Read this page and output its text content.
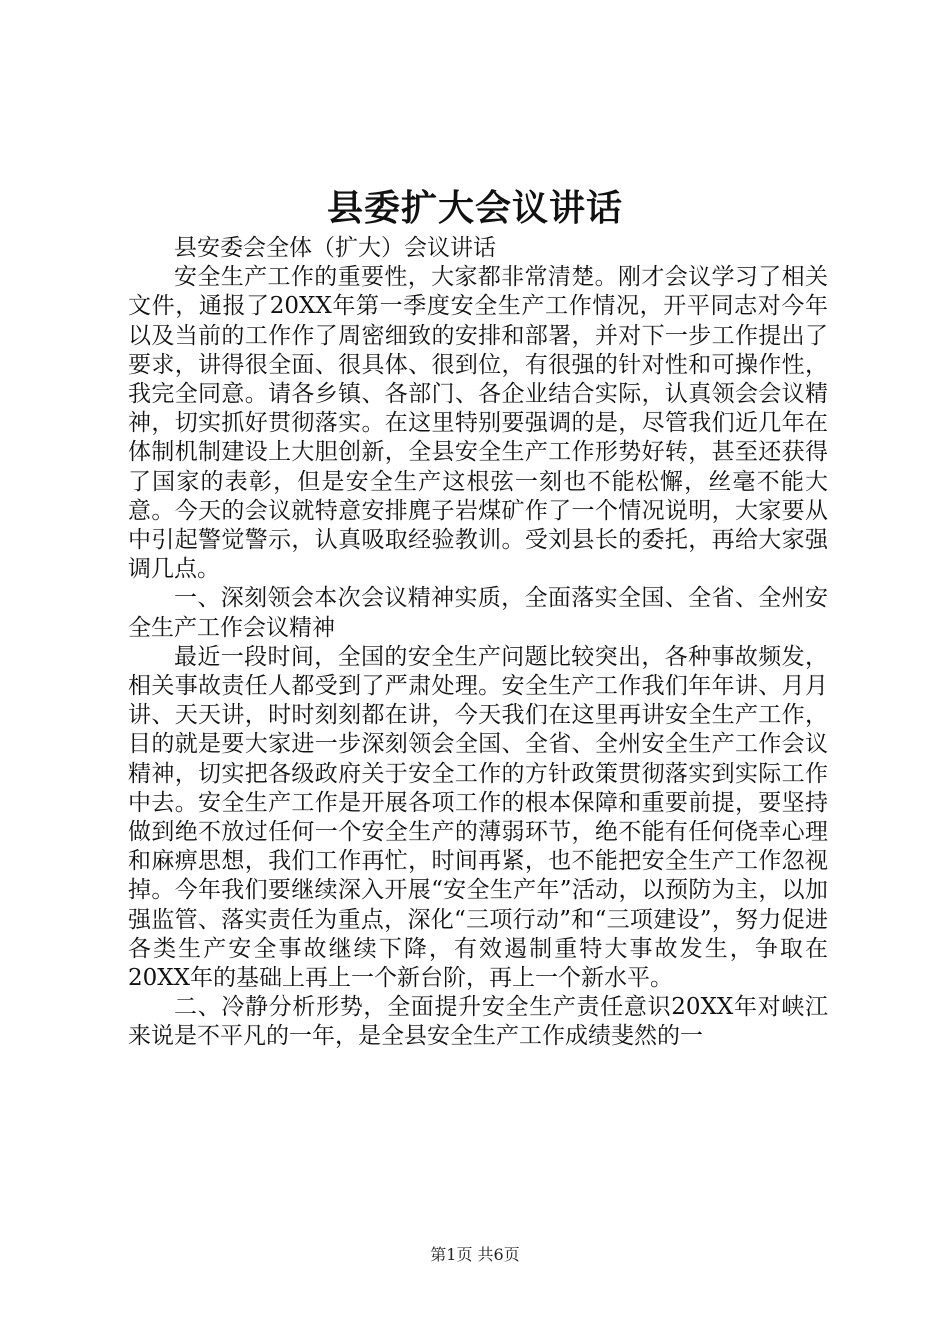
县委扩大会议讲话

县安委会全体（扩大）会议讲话

安全生产工作的重要性，大家都非常清楚。刚才会议学习了相关文件，通报了20XX年第一季度安全生产工作情况，开平同志对今年以及当前的工作作了周密细致的安排和部署，并对下一步工作提出了要求，讲得很全面、很具体、很到位，有很强的针对性和可操作性，我完全同意。请各乡镇、各部门、各企业结合实际，认真领会会议精神，切实抓好贯彻落实。在这里特别要强调的是，尽管我们近几年在体制机制建设上大胆创新，全县安全生产工作形势好转，甚至还获得了国家的表彰，但是安全生产这根弦一刻也不能松懈，丝毫不能大意。今天的会议就特意安排麂子岩煤矿作了一个情况说明，大家要从中引起警觉警示，认真吸取经验教训。受刘县长的委托，再给大家强调几点。

一、深刻领会本次会议精神实质，全面落实全国、全省、全州安全生产工作会议精神

最近一段时间，全国的安全生产问题比较突出，各种事故频发，相关事故责任人都受到了严肃处理。安全生产工作我们年年讲、月月讲、天天讲，时时刻刻都在讲，今天我们在这里再讲安全生产工作，目的就是要大家进一步深刻领会全国、全省、全州安全生产工作会议精神，切实把各级政府关于安全工作的方针政策贯彻落实到实际工作中去。安全生产工作是开展各项工作的根本保障和重要前提，要坚持做到绝不放过任何一个安全生产的薄弱环节，绝不能有任何侥幸心理和麻痹思想，我们工作再忙，时间再紧，也不能把安全生产工作忽视掉。今年我们要继续深入开展“安全生产年”活动，以预防为主，以加强监管、落实责任为重点，深化“三项行动”和“三项建设”，努力促进各类生产安全事故继续下降，有效遏制重特大事故发生，争取在20XX年的基础上再上一个新台阶，再上一个新水平。

二、冷静分析形势，全面提升安全生产责任意识20XX年对峡江来说是不平凡的一年，是全县安全生产工作成绩斐然的一

第1页 共6页
